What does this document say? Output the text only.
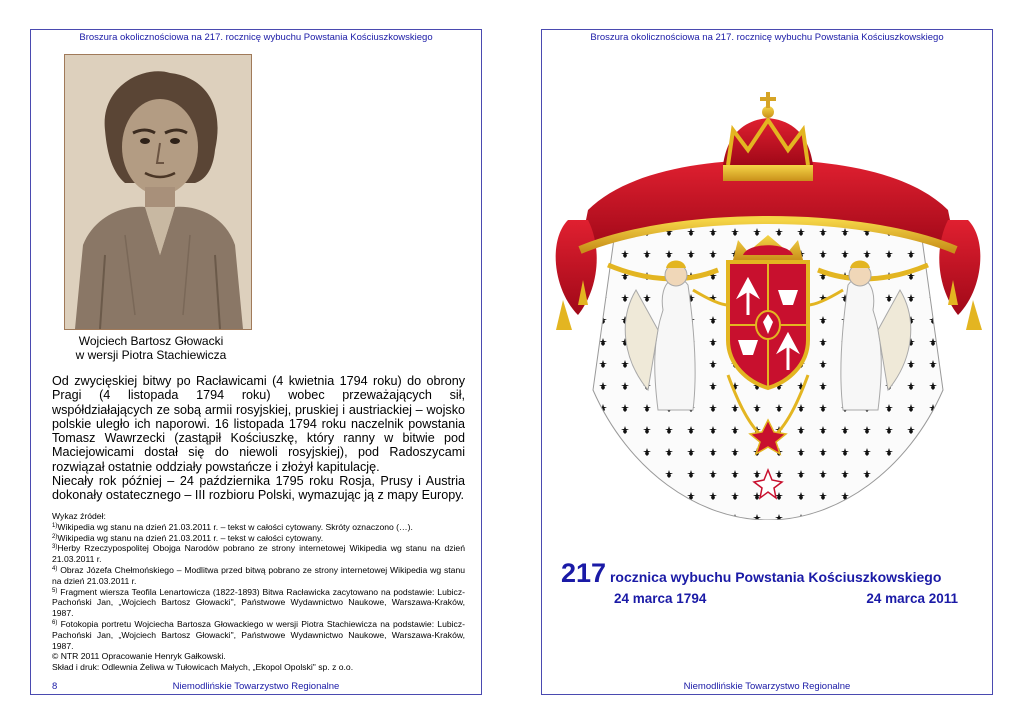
Broszura okolicznościowa na 217. rocznicę wybuchu Powstania Kościuszkowskiego
Wojciech Bartosz Głowacki
w wersji Piotra Stachiewicza

Od zwycięskiej bitwy po Racławicami (4 kwietnia 1794 roku) do obrony Pragi (4 listopada 1794 roku) wobec przeważających sił, współdziałających ze sobą armii rosyjskiej, pruskiej i austriackiej – wojsko polskie uległo ich naporowi. 16 listopada 1794 roku naczelnik powstania Tomasz Wawrzecki (zastąpił Kościuszkę, który ranny w bitwie pod Maciejowicami dostał się do niewoli rosyjskiej), pod Radoszycami rozwiązał ostatnie oddziały powstańcze i złożył kapitulację.

Niecały rok później – 24 października 1795 roku Rosja, Prusy i Austria dokonały ostatecznego – III rozbioru Polski, wymazując ją z mapy Europy.

Wykaz źródeł:

$^{1)}$Wikipedia wg stanu na dzień 21.03.2011 r. – tekst w całości cytowany. Skróty oznaczono (…).

$^{2)}$Wikipedia wg stanu na dzień 21.03.2011 r. – tekst w całości cytowany.

$^{3)}$Herby Rzeczypospolitej Obojga Narodów pobrano ze strony internetowej Wikipedia wg stanu na dzień 21.03.2011 r.

$^{4)}$ Obraz Józefa Chełmońskiego – Modlitwa przed bitwą pobrano ze strony internetowej Wikipedia wg stanu na dzień 21.03.2011 r.

$^{5)}$ Fragment wiersza Teofila Lenartowicza (1822-1893) Bitwa Racławicka zacytowano na podstawie: Lubicz-Pachoński Jan, „Wojciech Bartosz Głowacki", Państwowe Wydawnictwo Naukowe, Warszawa-Kraków, 1987.

$^{6)}$ Fotokopia portretu Wojciecha Bartosza Głowackiego w wersji Piotra Stachiewicza na podstawie: Lubicz-Pachoński Jan, „Wojciech Bartosz Głowacki", Państwowe Wydawnictwo Naukowe, Warszawa-Kraków, 1987.

© NTR 2011 Opracowanie Henryk Gałkowski.

Skład i druk: Odlewnia Żeliwa w Tułowicach Małych, „Ekopol Opolski" sp. z o.o.

8	Niemodlińskie Towarzystwo Regionalne
Broszura okolicznościowa na 217. rocznicę wybuchu Powstania Kościuszkowskiego
217 rocznica wybuchu Powstania Kościuszkowskiego
24 marca 1794	24 marca 2011
Niemodlińskie Towarzystwo Regionalne
